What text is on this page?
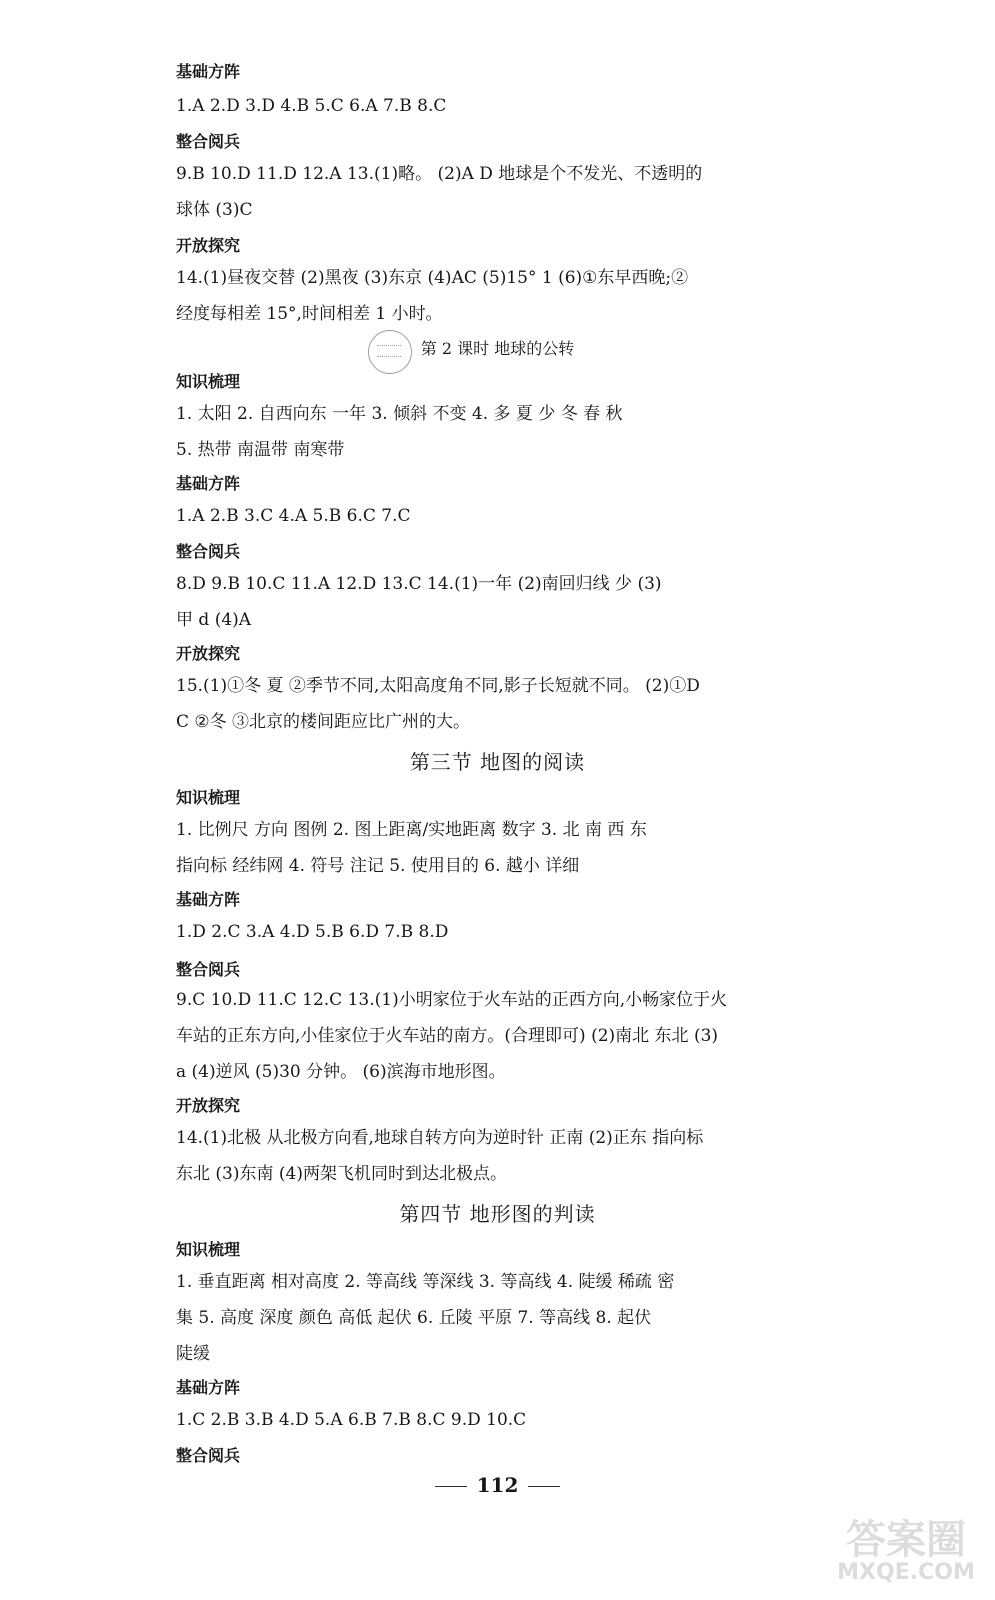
基础方阵

1.A 2.D 3.D 4.B 5.C 6.A 7.B 8.C

整合阅兵

9.B 10.D 11.D 12.A 13.(1)略。 (2)A D 地球是个不发光、不透明的

球体 (3)C

开放探究

14.(1)昼夜交替 (2)黑夜 (3)东京 (4)AC (5)15° 1 (6)①东早西晚;②

经度每相差 15°,时间相差 1 小时。

第 2 课时 地球的公转

知识梳理

1. 太阳 2. 自西向东 一年 3. 倾斜 不变 4. 多 夏 少 冬 春 秋

5. 热带 南温带 南寒带

基础方阵

1.A 2.B 3.C 4.A 5.B 6.C 7.C

整合阅兵

8.D 9.B 10.C 11.A 12.D 13.C 14.(1)一年 (2)南回归线 少 (3)

甲 d (4)A

开放探究

15.(1)①冬 夏 ②季节不同,太阳高度角不同,影子长短就不同。 (2)①D

C ②冬 ③北京的楼间距应比广州的大。

第三节 地图的阅读

知识梳理

1. 比例尺 方向 图例 2. 图上距离/实地距离 数字 3. 北 南 西 东

指向标 经纬网 4. 符号 注记 5. 使用目的 6. 越小 详细

基础方阵

1.D 2.C 3.A 4.D 5.B 6.D 7.B 8.D

整合阅兵

9.C 10.D 11.C 12.C 13.(1)小明家位于火车站的正西方向,小畅家位于火

车站的正东方向,小佳家位于火车站的南方。(合理即可) (2)南北 东北 (3)

a (4)逆风 (5)30 分钟。 (6)滨海市地形图。

开放探究

14.(1)北极 从北极方向看,地球自转方向为逆时针 正南 (2)正东 指向标

东北 (3)东南 (4)两架飞机同时到达北极点。

第四节 地形图的判读

知识梳理

1. 垂直距离 相对高度 2. 等高线 等深线 3. 等高线 4. 陡缓 稀疏 密

集 5. 高度 深度 颜色 高低 起伏 6. 丘陵 平原 7. 等高线 8. 起伏

陡缓

基础方阵

1.C 2.B 3.B 4.D 5.A 6.B 7.B 8.C 9.D 10.C

整合阅兵

112

答案圈
MXQE.COM
